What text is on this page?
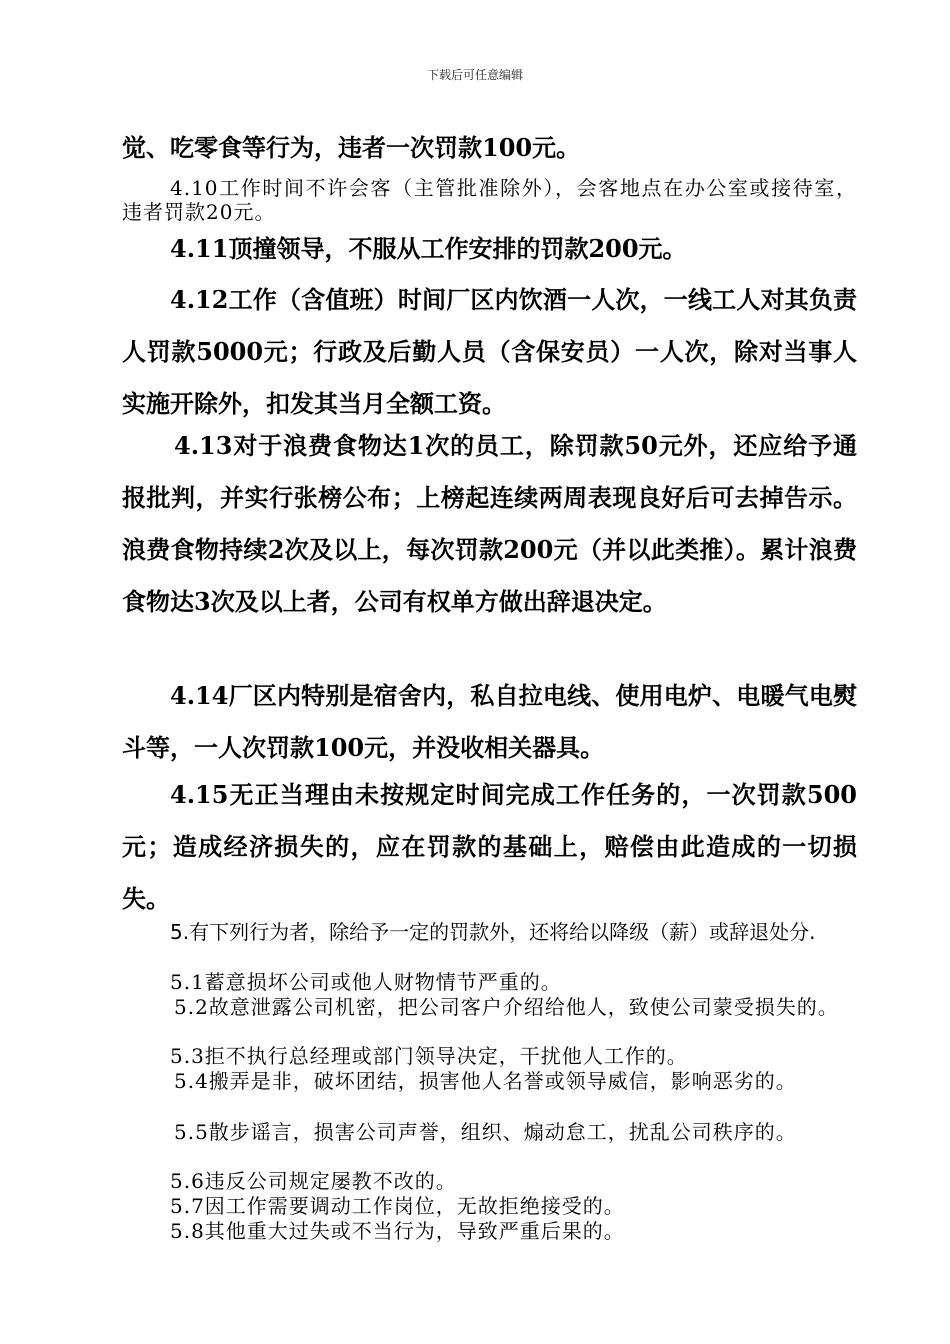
下载后可任意编辑

觉、吃零食等行为，违者一次罚款100元。

4.10工作时间不许会客（主管批准除外），会客地点在办公室或接待室，违者罚款20元。

4.11顶撞领导，不服从工作安排的罚款200元。

4.12工作（含值班）时间厂区内饮酒一人次，一线工人对其负责人罚款5000元；行政及后勤人员（含保安员）一人次，除对当事人实施开除外，扣发其当月全额工资。

4.13对于浪费食物达1次的员工，除罚款50元外，还应给予通报批判，并实行张榜公布；上榜起连续两周表现良好后可去掉告示。浪费食物持续2次及以上，每次罚款200元（并以此类推）。累计浪费食物达3次及以上者，公司有权单方做出辞退决定。

4.14厂区内特别是宿舍内，私自拉电线、使用电炉、电暖气电熨斗等，一人次罚款100元，并没收相关器具。

4.15无正当理由未按规定时间完成工作任务的，一次罚款500元；造成经济损失的，应在罚款的基础上，赔偿由此造成的一切损失。

5.有下列行为者，除给予一定的罚款外，还将给以降级（薪）或辞退处分.

5.1蓄意损坏公司或他人财物情节严重的。

5.2故意泄露公司机密，把公司客户介绍给他人，致使公司蒙受损失的。

5.3拒不执行总经理或部门领导决定，干扰他人工作的。

5.4搬弄是非，破坏团结，损害他人名誉或领导威信，影响恶劣的。

5.5散步谣言，损害公司声誉，组织、煽动怠工，扰乱公司秩序的。

5.6违反公司规定屡教不改的。

5.7因工作需要调动工作岗位，无故拒绝接受的。

5.8其他重大过失或不当行为，导致严重后果的。
